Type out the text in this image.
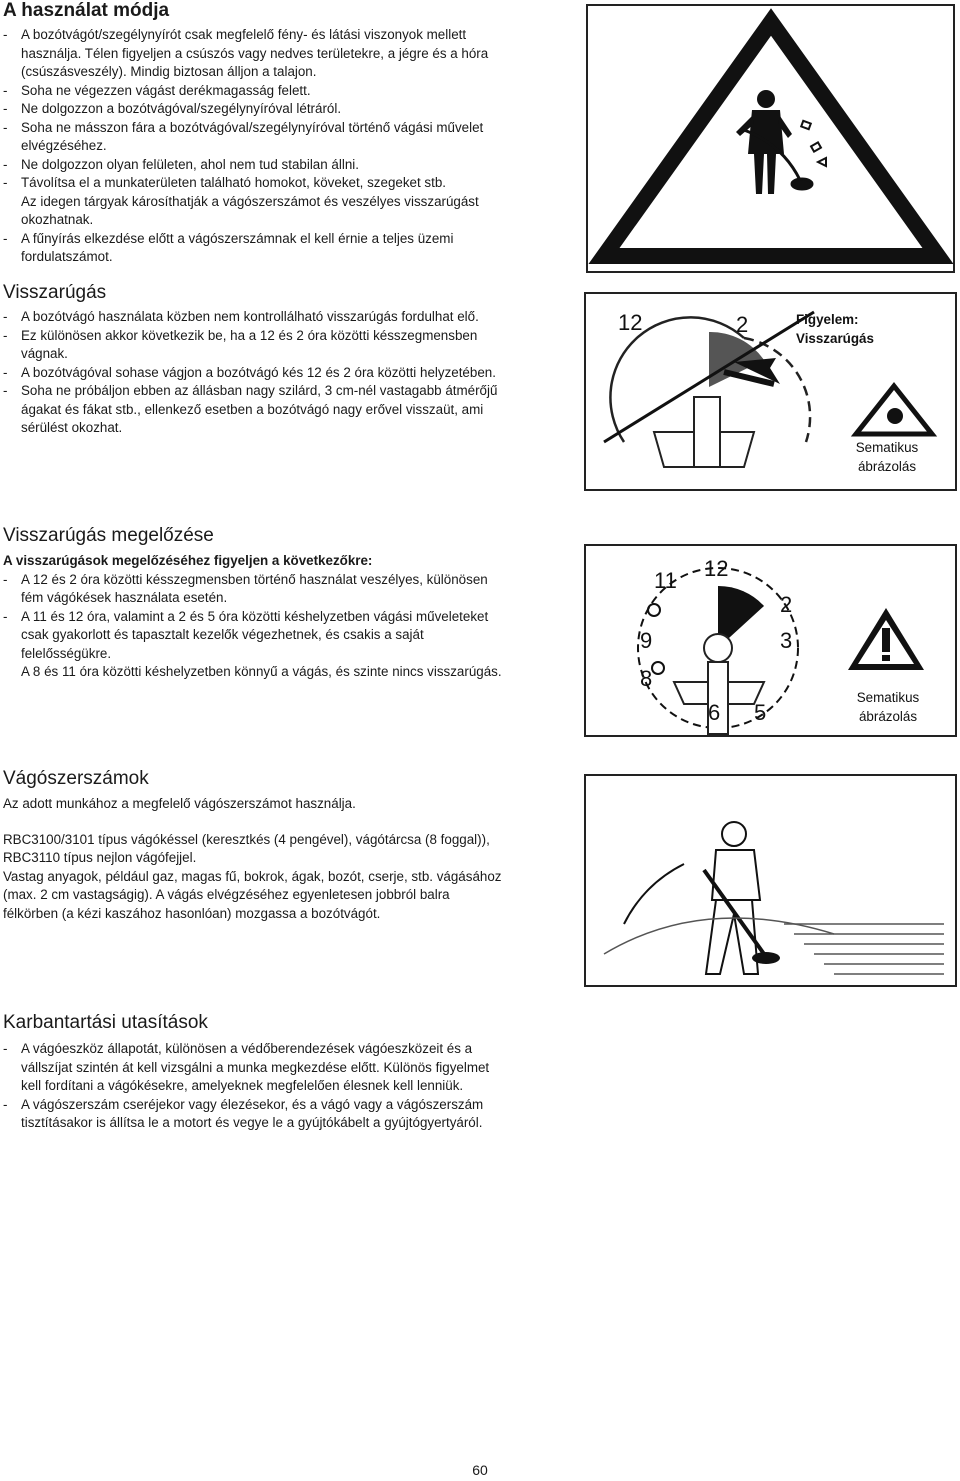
A használat módja
- A bozótvágót/szegélynyírót csak megfelelő fény- és látási viszonyok mellett
használja. Télen figyeljen a csúszós vagy nedves területekre, a jégre és a hóra
(csúszásveszély). Mindig biztosan álljon a talajon.
- Soha ne végezzen vágást derékmagasság felett.
- Ne dolgozzon a bozótvágóval/szegélynyíróval létráról.
- Soha ne másszon fára a bozótvágóval/szegélynyíróval történő vágási művelet
elvégzéséhez.
- Ne dolgozzon olyan felületen, ahol nem tud stabilan állni.
- Távolítsa el a munkaterületen található homokot, köveket, szegeket stb.
Az idegen tárgyak károsíthatják a vágószerszámot és veszélyes visszarúgást
okozhatnak.
- A fűnyírás elkezdése előtt a vágószerszámnak el kell érnie a teljes üzemi
fordulatszámot.
Visszarúgás
- A bozótvágó használata közben nem kontrollálható visszarúgás fordulhat elő.
- Ez különösen akkor következik be, ha a 12 és 2 óra közötti késszegmensben
vágnak.
- A bozótvágóval sohase vágjon a bozótvágó kés 12 és 2 óra közötti helyzetében.
- Soha ne próbáljon ebben az állásban nagy szilárd, 3 cm-nél vastagabb átmérőjű
ágakat és fákat stb., ellenkező esetben a bozótvágó nagy erővel visszaüt, ami
sérülést okozhat.
12	2	Figyelem:
Visszarúgás
Sematikus
ábrázolás
Visszarúgás megelőzése
A visszarúgások megelőzéséhez figyeljen a következőkre:
- A 12 és 2 óra közötti késszegmensben történő használat veszélyes, különösen
fém vágókések használata esetén.
- A 11 és 12 óra, valamint a 2 és 5 óra közötti késhelyzetben vágási műveleteket
csak gyakorlott és tapasztalt kezelők végezhetnek, és csakis a saját
felelősségükre.
A 8 és 11 óra közötti késhelyzetben könnyű a vágás, és szinte nincs visszarúgás.
11 12
2
3
9
8
6 5
Sematikus
ábrázolás
Vágószerszámok
Az adott munkához a megfelelő vágószerszámot használja.
RBC3100/3101 típus vágókéssel (keresztkés (4 pengével), vágótárcsa (8 foggal)),
RBC3110 típus nejlon vágófejjel.
Vastag anyagok, például gaz, magas fű, bokrok, ágak, bozót, cserje, stb. vágásához
(max. 2 cm vastagságig). A vágás elvégzéséhez egyenletesen jobbról balra
félkörben (a kézi kaszához hasonlóan) mozgassa a bozótvágót.
Karbantartási utasítások
- A vágóeszköz állapotát, különösen a védőberendezések vágóeszközeit és a
vállszíjat szintén át kell vizsgálni a munka megkezdése előtt. Különös figyelmet
kell fordítani a vágókésekre, amelyeknek megfelelően élesnek kell lenniük.
- A vágószerszám cseréjekor vagy élezésekor, és a vágó vagy a vágószerszám
tisztításakor is állítsa le a motort és vegye le a gyújtókábelt a gyújtógyertyáról.
60
